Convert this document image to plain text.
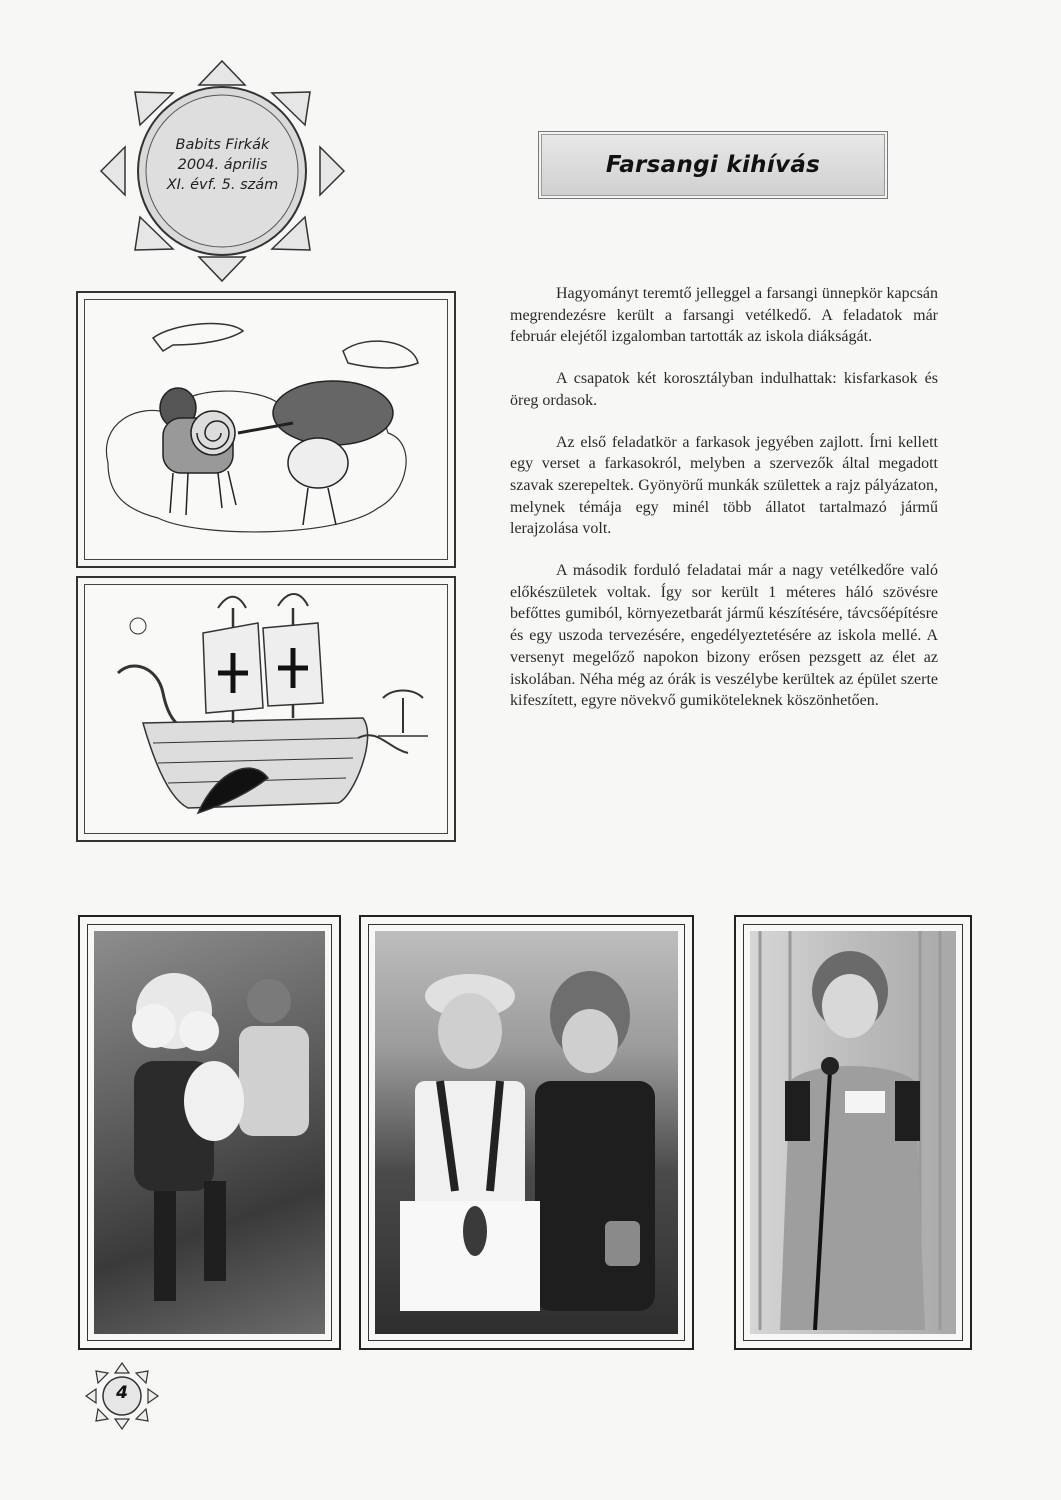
Babits Firkák
2004. április
XI. évf. 5. szám
Farsangi kihívás

Hagyományt teremtő jelleggel a farsangi ünnepkör kapcsán megrendezésre került a farsangi vetélkedő. A feladatok már február elejétől izgalomban tartották az iskola diákságát.

A csapatok két korosztályban indulhattak: kisfarkasok és öreg ordasok.

Az első feladatkör a farkasok jegyében zajlott. Írni kellett egy verset a farkasokról, melyben a szervezők által megadott szavak szerepeltek. Gyönyörű munkák születtek a rajz pályázaton, melynek témája egy minél több állatot tartalmazó jármű lerajzolása volt.

A második forduló feladatai már a nagy vetélkedőre való előkészületek voltak. Így sor került 1 méteres háló szövésre befőttes gumiból, környezetbarát jármű készítésére, távcsőépítésre és egy uszoda tervezésére, engedélyeztetésére az iskola mellé. A versenyt megelőző napokon bizony erősen pezsgett az élet az iskolában. Néha még az órák is veszélybe kerültek az épület szerte kifeszített, egyre növekvő gumiköteleknek köszönhetően.

4
